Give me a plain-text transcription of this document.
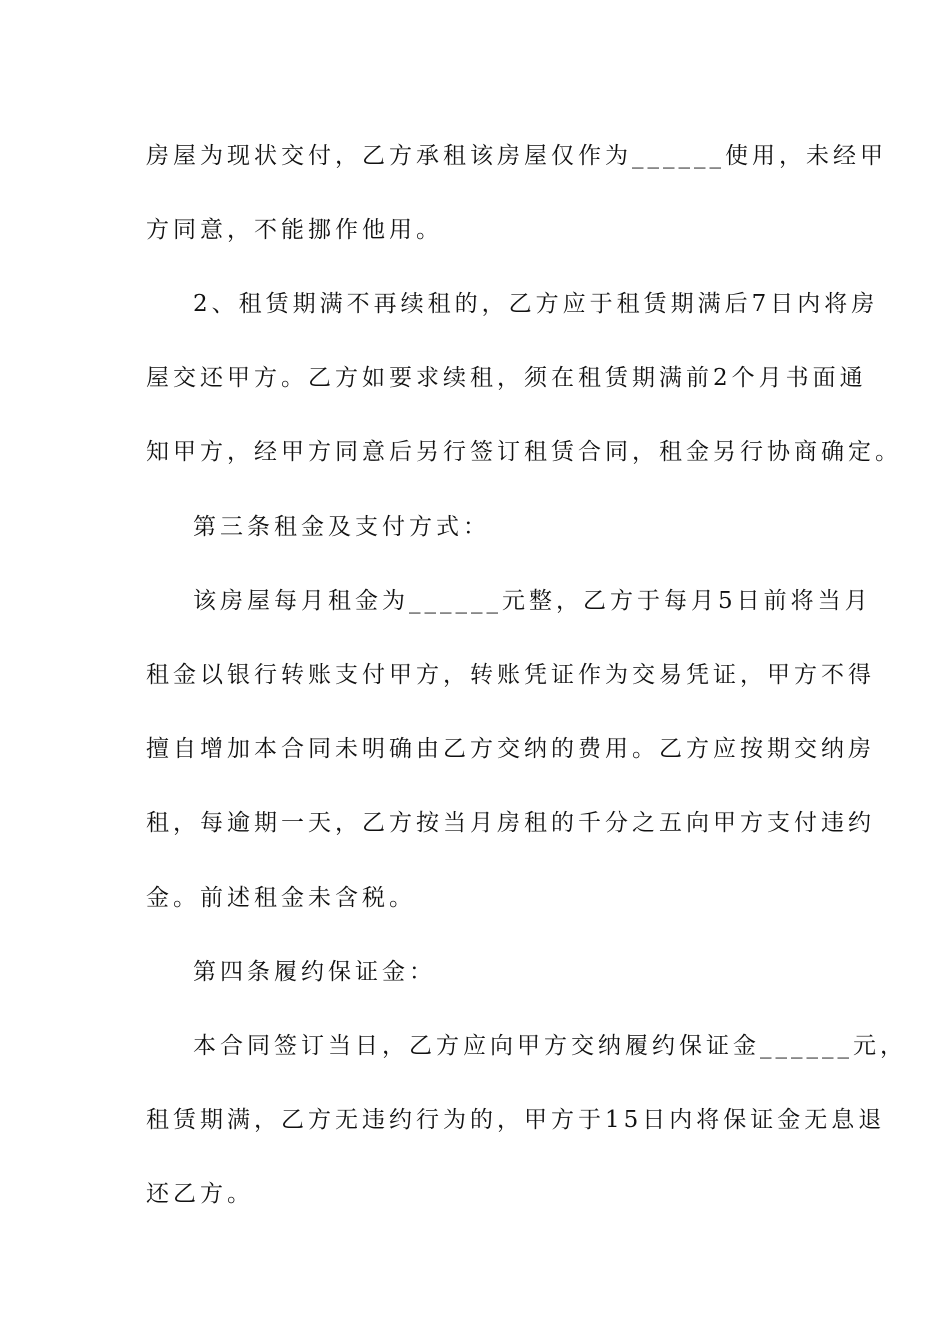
房屋为现状交付，乙方承租该房屋仅作为______使用，未经甲
方同意，不能挪作他用。
2、租赁期满不再续租的，乙方应于租赁期满后7日内将房
屋交还甲方。乙方如要求续租，须在租赁期满前2个月书面通
知甲方，经甲方同意后另行签订租赁合同，租金另行协商确定。
第三条租金及支付方式：
该房屋每月租金为______元整，乙方于每月5日前将当月
租金以银行转账支付甲方，转账凭证作为交易凭证，甲方不得
擅自增加本合同未明确由乙方交纳的费用。乙方应按期交纳房
租，每逾期一天，乙方按当月房租的千分之五向甲方支付违约
金。前述租金未含税。
第四条履约保证金：
本合同签订当日，乙方应向甲方交纳履约保证金______元，
租赁期满，乙方无违约行为的，甲方于15日内将保证金无息退
还乙方。
